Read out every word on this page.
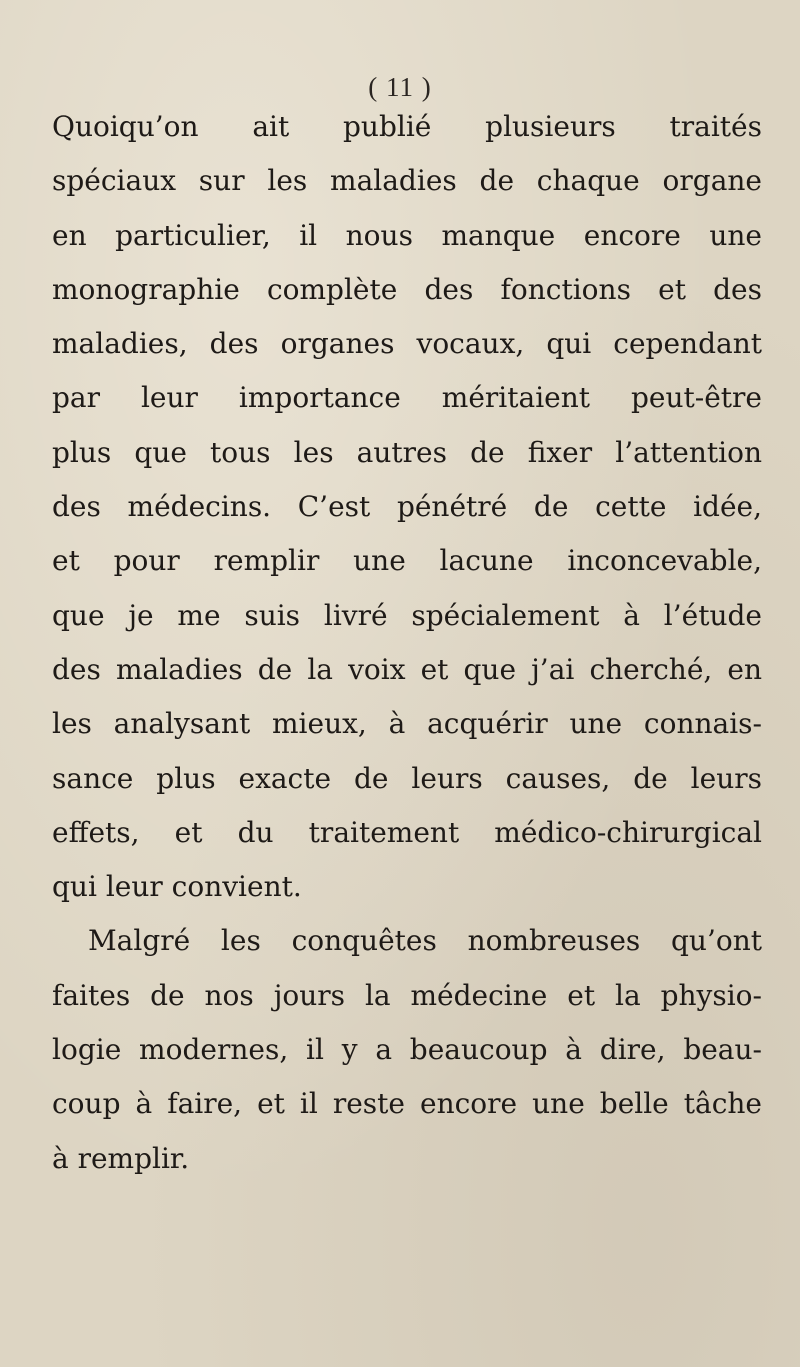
( 11 )
Quoiqu’on ait publié plusieurs traités
spéciaux sur les maladies de chaque organe
en particulier, il nous manque encore une
monographie complète des fonctions et des
maladies, des organes vocaux, qui cependant
par leur importance méritaient peut-être
plus que tous les autres de fixer l’attention
des médecins. C’est pénétré de cette idée,
et pour remplir une lacune inconcevable,
que je me suis livré spécialement à l’étude
des maladies de la voix et que j’ai cherché, en
les analysant mieux, à acquérir une connais-
sance plus exacte de leurs causes, de leurs
effets, et du traitement médico-chirurgical
qui leur convient.
Malgré les conquêtes nombreuses qu’ont
faites de nos jours la médecine et la physio-
logie modernes, il y a beaucoup à dire, beau-
coup à faire, et il reste encore une belle tâche
à remplir.
